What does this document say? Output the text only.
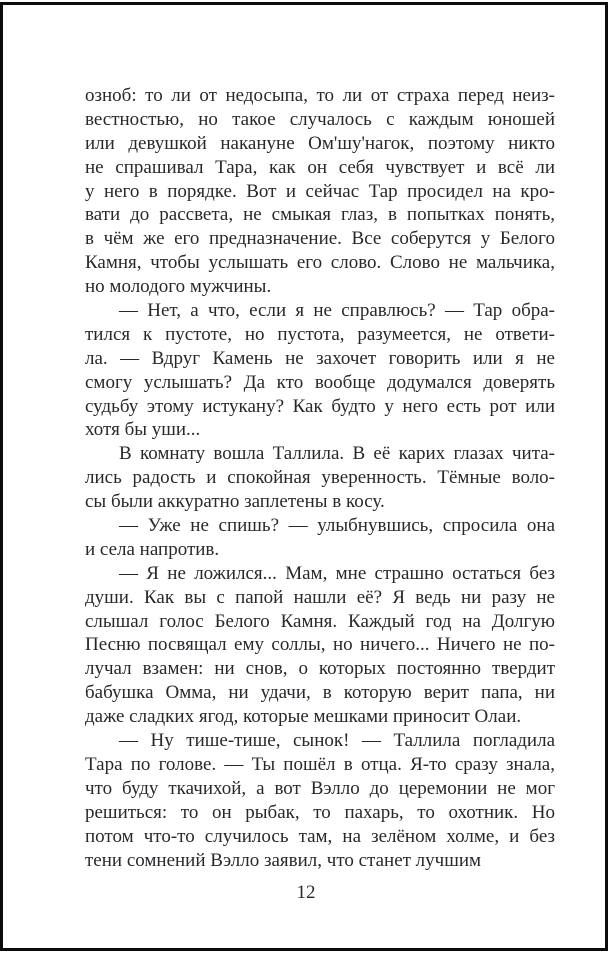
озноб: то ли от недосыпа, то ли от страха перед неиз-
вестностью, но такое случалось с каждым юношей
или девушкой накануне Ом'шу'нагок, поэтому никто
не спрашивал Тара, как он себя чувствует и всё ли
у него в порядке. Вот и сейчас Тар просидел на кро-
вати до рассвета, не смыкая глаз, в попытках понять,
в чём же его предназначение. Все соберутся у Белого
Камня, чтобы услышать его слово. Слово не мальчика,
но молодого мужчины.
— Нет, а что, если я не справлюсь? — Тар обра-
тился к пустоте, но пустота, разумеется, не ответи-
ла. — Вдруг Камень не захочет говорить или я не
смогу услышать? Да кто вообще додумался доверять
судьбу этому истукану? Как будто у него есть рот или
хотя бы уши...
В комнату вошла Таллила. В её карих глазах чита-
лись радость и спокойная уверенность. Тёмные воло-
сы были аккуратно заплетены в косу.
— Уже не спишь? — улыбнувшись, спросила она
и села напротив.
— Я не ложился... Мам, мне страшно остаться без
души. Как вы с папой нашли её? Я ведь ни разу не
слышал голос Белого Камня. Каждый год на Долгую
Песню посвящал ему соллы, но ничего... Ничего не по-
лучал взамен: ни снов, о которых постоянно твердит
бабушка Омма, ни удачи, в которую верит папа, ни
даже сладких ягод, которые мешками приносит Олаи.
— Ну тише-тише, сынок! — Таллила погладила
Тара по голове. — Ты пошёл в отца. Я-то сразу знала,
что буду ткачихой, а вот Вэлло до церемонии не мог
решиться: то он рыбак, то пахарь, то охотник. Но
потом что-то случилось там, на зелёном холме, и без
тени сомнений Вэлло заявил, что станет лучшим
12
